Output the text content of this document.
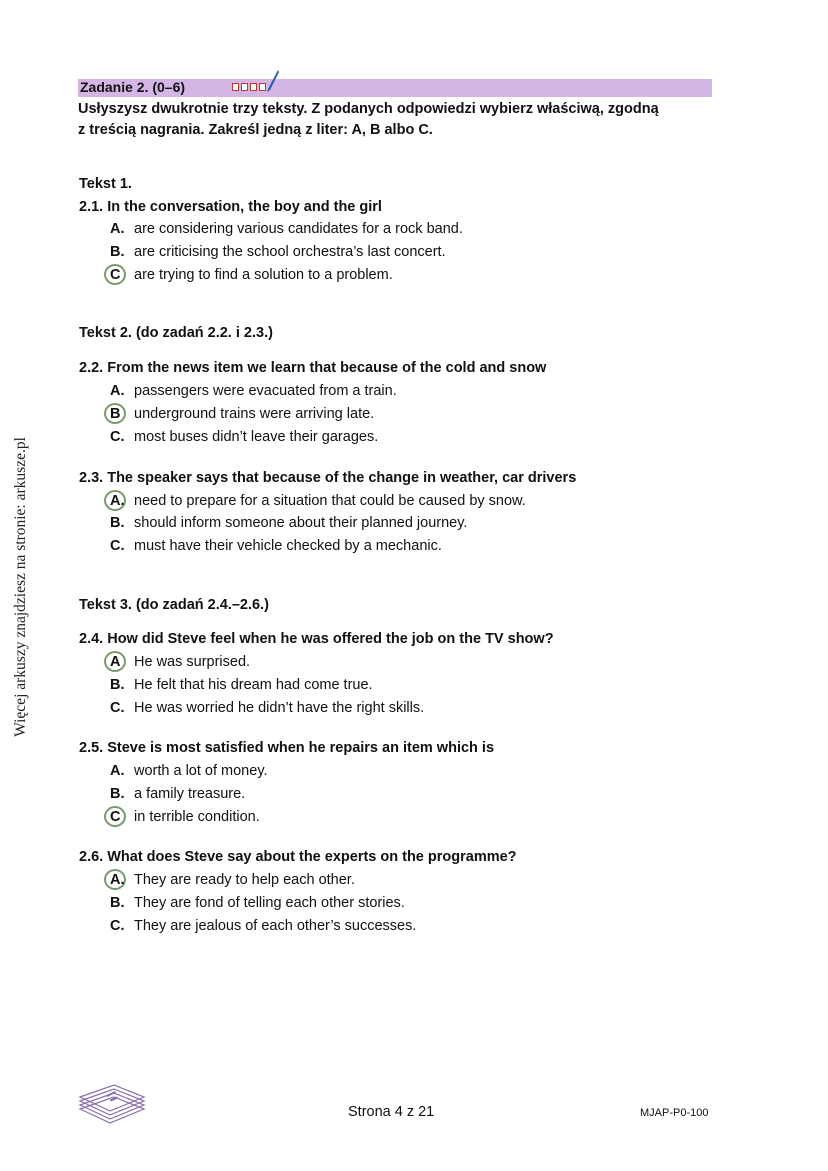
Więcej arkuszy znajdziesz na stronie: arkusze.pl
Zadanie 2. (0–6)
Usłyszysz dwukrotnie trzy teksty. Z podanych odpowiedzi wybierz właściwą, zgodną
z treścią nagrania. Zakreśl jedną z liter: A, B albo C.
Tekst 1.
2.1. In the conversation, the boy and the girl
A. are considering various candidates for a rock band.
B. are criticising the school orchestra’s last concert.
C are trying to find a solution to a problem.
Tekst 2. (do zadań 2.2. i 2.3.)
2.2. From the news item we learn that because of the cold and snow
A. passengers were evacuated from a train.
B underground trains were arriving late.
C. most buses didn’t leave their garages.
2.3. The speaker says that because of the change in weather, car drivers
A. need to prepare for a situation that could be caused by snow.
B. should inform someone about their planned journey.
C. must have their vehicle checked by a mechanic.
Tekst 3. (do zadań 2.4.–2.6.)
2.4. How did Steve feel when he was offered the job on the TV show?
A He was surprised.
B. He felt that his dream had come true.
C. He was worried he didn’t have the right skills.
2.5. Steve is most satisfied when he repairs an item which is
A. worth a lot of money.
B. a family treasure.
C in terrible condition.
2.6. What does Steve say about the experts on the programme?
A. They are ready to help each other.
B. They are fond of telling each other stories.
C. They are jealous of each other’s successes.
Strona 4 z 21	MJAP-P0-100
